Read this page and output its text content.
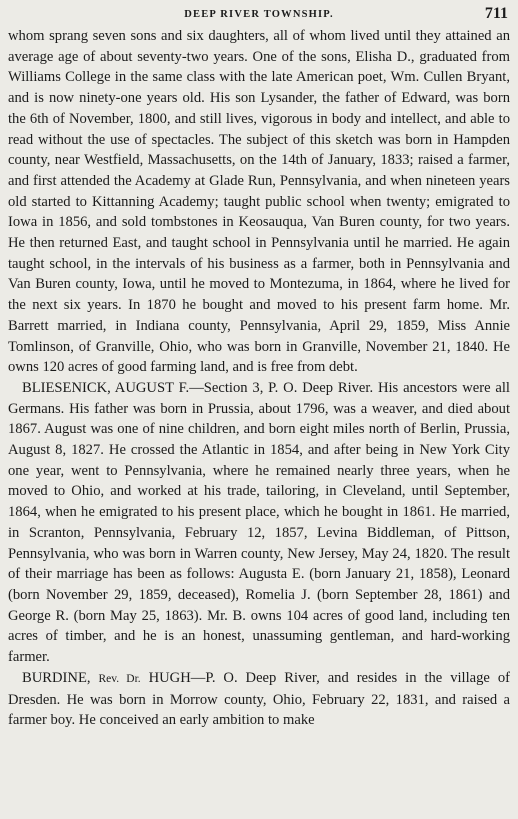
DEEP RIVER TOWNSHIP.	711

whom sprang seven sons and six daughters, all of whom lived until they attained an average age of about seventy-two years. One of the sons, Elisha D., graduated from Williams College in the same class with the late American poet, Wm. Cullen Bryant, and is now ninety-one years old. His son Lysander, the father of Edward, was born the 6th of November, 1800, and still lives, vigorous in body and intellect, and able to read without the use of spectacles. The subject of this sketch was born in Hampden county, near Westfield, Massachusetts, on the 14th of January, 1833; raised a farmer, and first attended the Academy at Glade Run, Pennsylvania, and when nineteen years old started to Kittanning Academy; taught public school when twenty; emigrated to Iowa in 1856, and sold tombstones in Keosauqua, Van Buren county, for two years. He then returned East, and taught school in Pennsylvania until he married. He again taught school, in the intervals of his business as a farmer, both in Pennsylvania and Van Buren county, Iowa, until he moved to Montezuma, in 1864, where he lived for the next six years. In 1870 he bought and moved to his present farm home. Mr. Barrett married, in Indiana county, Pennsylvania, April 29, 1859, Miss Annie Tomlinson, of Granville, Ohio, who was born in Granville, November 21, 1840. He owns 120 acres of good farming land, and is free from debt.

BLIESENICK, AUGUST F.—Section 3, P. O. Deep River. His ancestors were all Germans. His father was born in Prussia, about 1796, was a weaver, and died about 1867. August was one of nine children, and born eight miles north of Berlin, Prussia, August 8, 1827. He crossed the Atlantic in 1854, and after being in New York City one year, went to Pennsylvania, where he remained nearly three years, when he moved to Ohio, and worked at his trade, tailoring, in Cleveland, until September, 1864, when he emigrated to his present place, which he bought in 1861. He married, in Scranton, Pennsylvania, February 12, 1857, Levina Biddleman, of Pittson, Pennsylvania, who was born in Warren county, New Jersey, May 24, 1820. The result of their marriage has been as follows: Augusta E. (born January 21, 1858), Leonard (born November 29, 1859, deceased), Romelia J. (born September 28, 1861) and George R. (born May 25, 1863). Mr. B. owns 104 acres of good land, including ten acres of timber, and he is an honest, unassuming gentleman, and hard-working farmer.

BURDINE, Rev. Dr. HUGH—P. O. Deep River, and resides in the village of Dresden. He was born in Morrow county, Ohio, February 22, 1831, and raised a farmer boy. He conceived an early ambition to make
